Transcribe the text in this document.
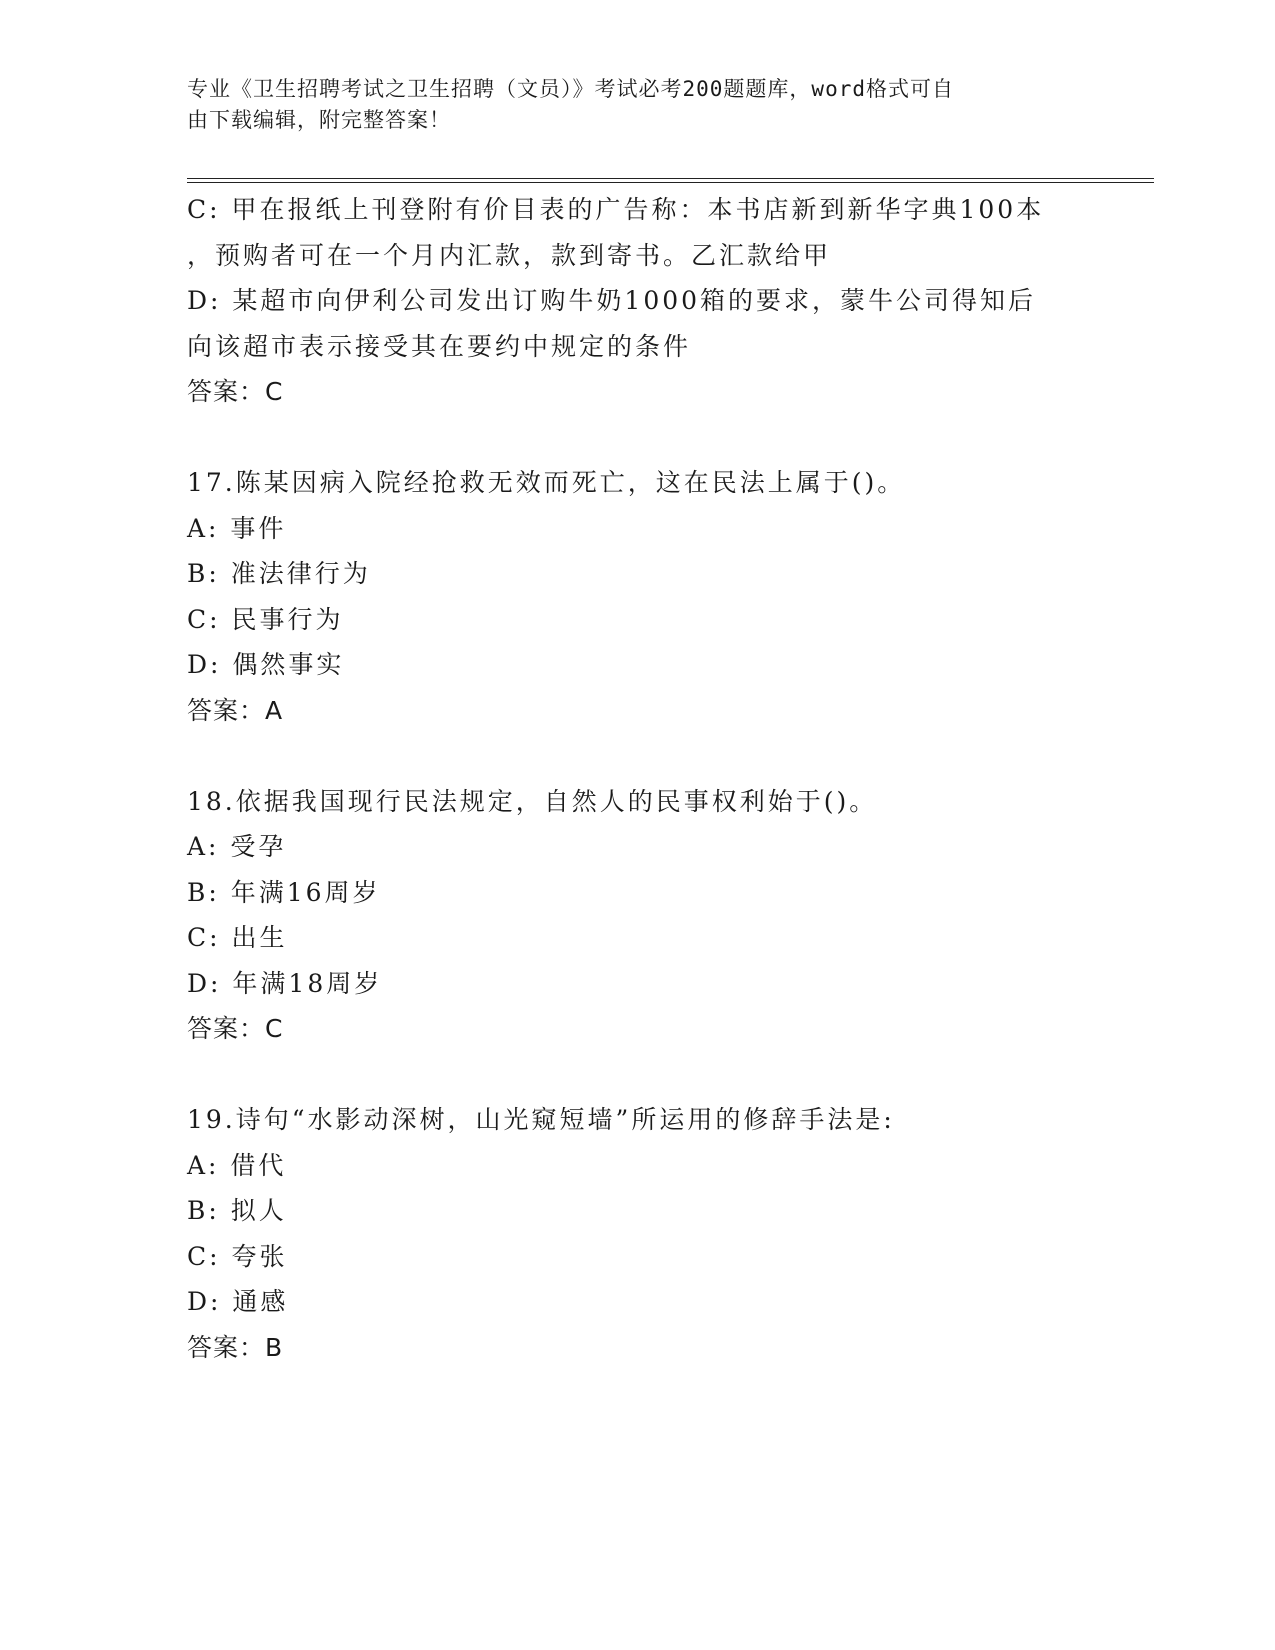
专业《卫生招聘考试之卫生招聘（文员）》考试必考200题题库，word格式可自
由下载编辑，附完整答案！
C: 甲在报纸上刊登附有价目表的广告称：本书店新到新华字典100本
，预购者可在一个月内汇款，款到寄书。乙汇款给甲
D: 某超市向伊利公司发出订购牛奶1000箱的要求，蒙牛公司得知后
向该超市表示接受其在要约中规定的条件
答案：C
17.陈某因病入院经抢救无效而死亡，这在民法上属于()。
A: 事件
B: 准法律行为
C: 民事行为
D: 偶然事实
答案：A
18.依据我国现行民法规定，自然人的民事权利始于()。
A: 受孕
B: 年满16周岁
C: 出生
D: 年满18周岁
答案：C
19.诗句“水影动深树，山光窥短墙”所运用的修辞手法是:
A: 借代
B: 拟人
C: 夸张
D: 通感
答案：B
